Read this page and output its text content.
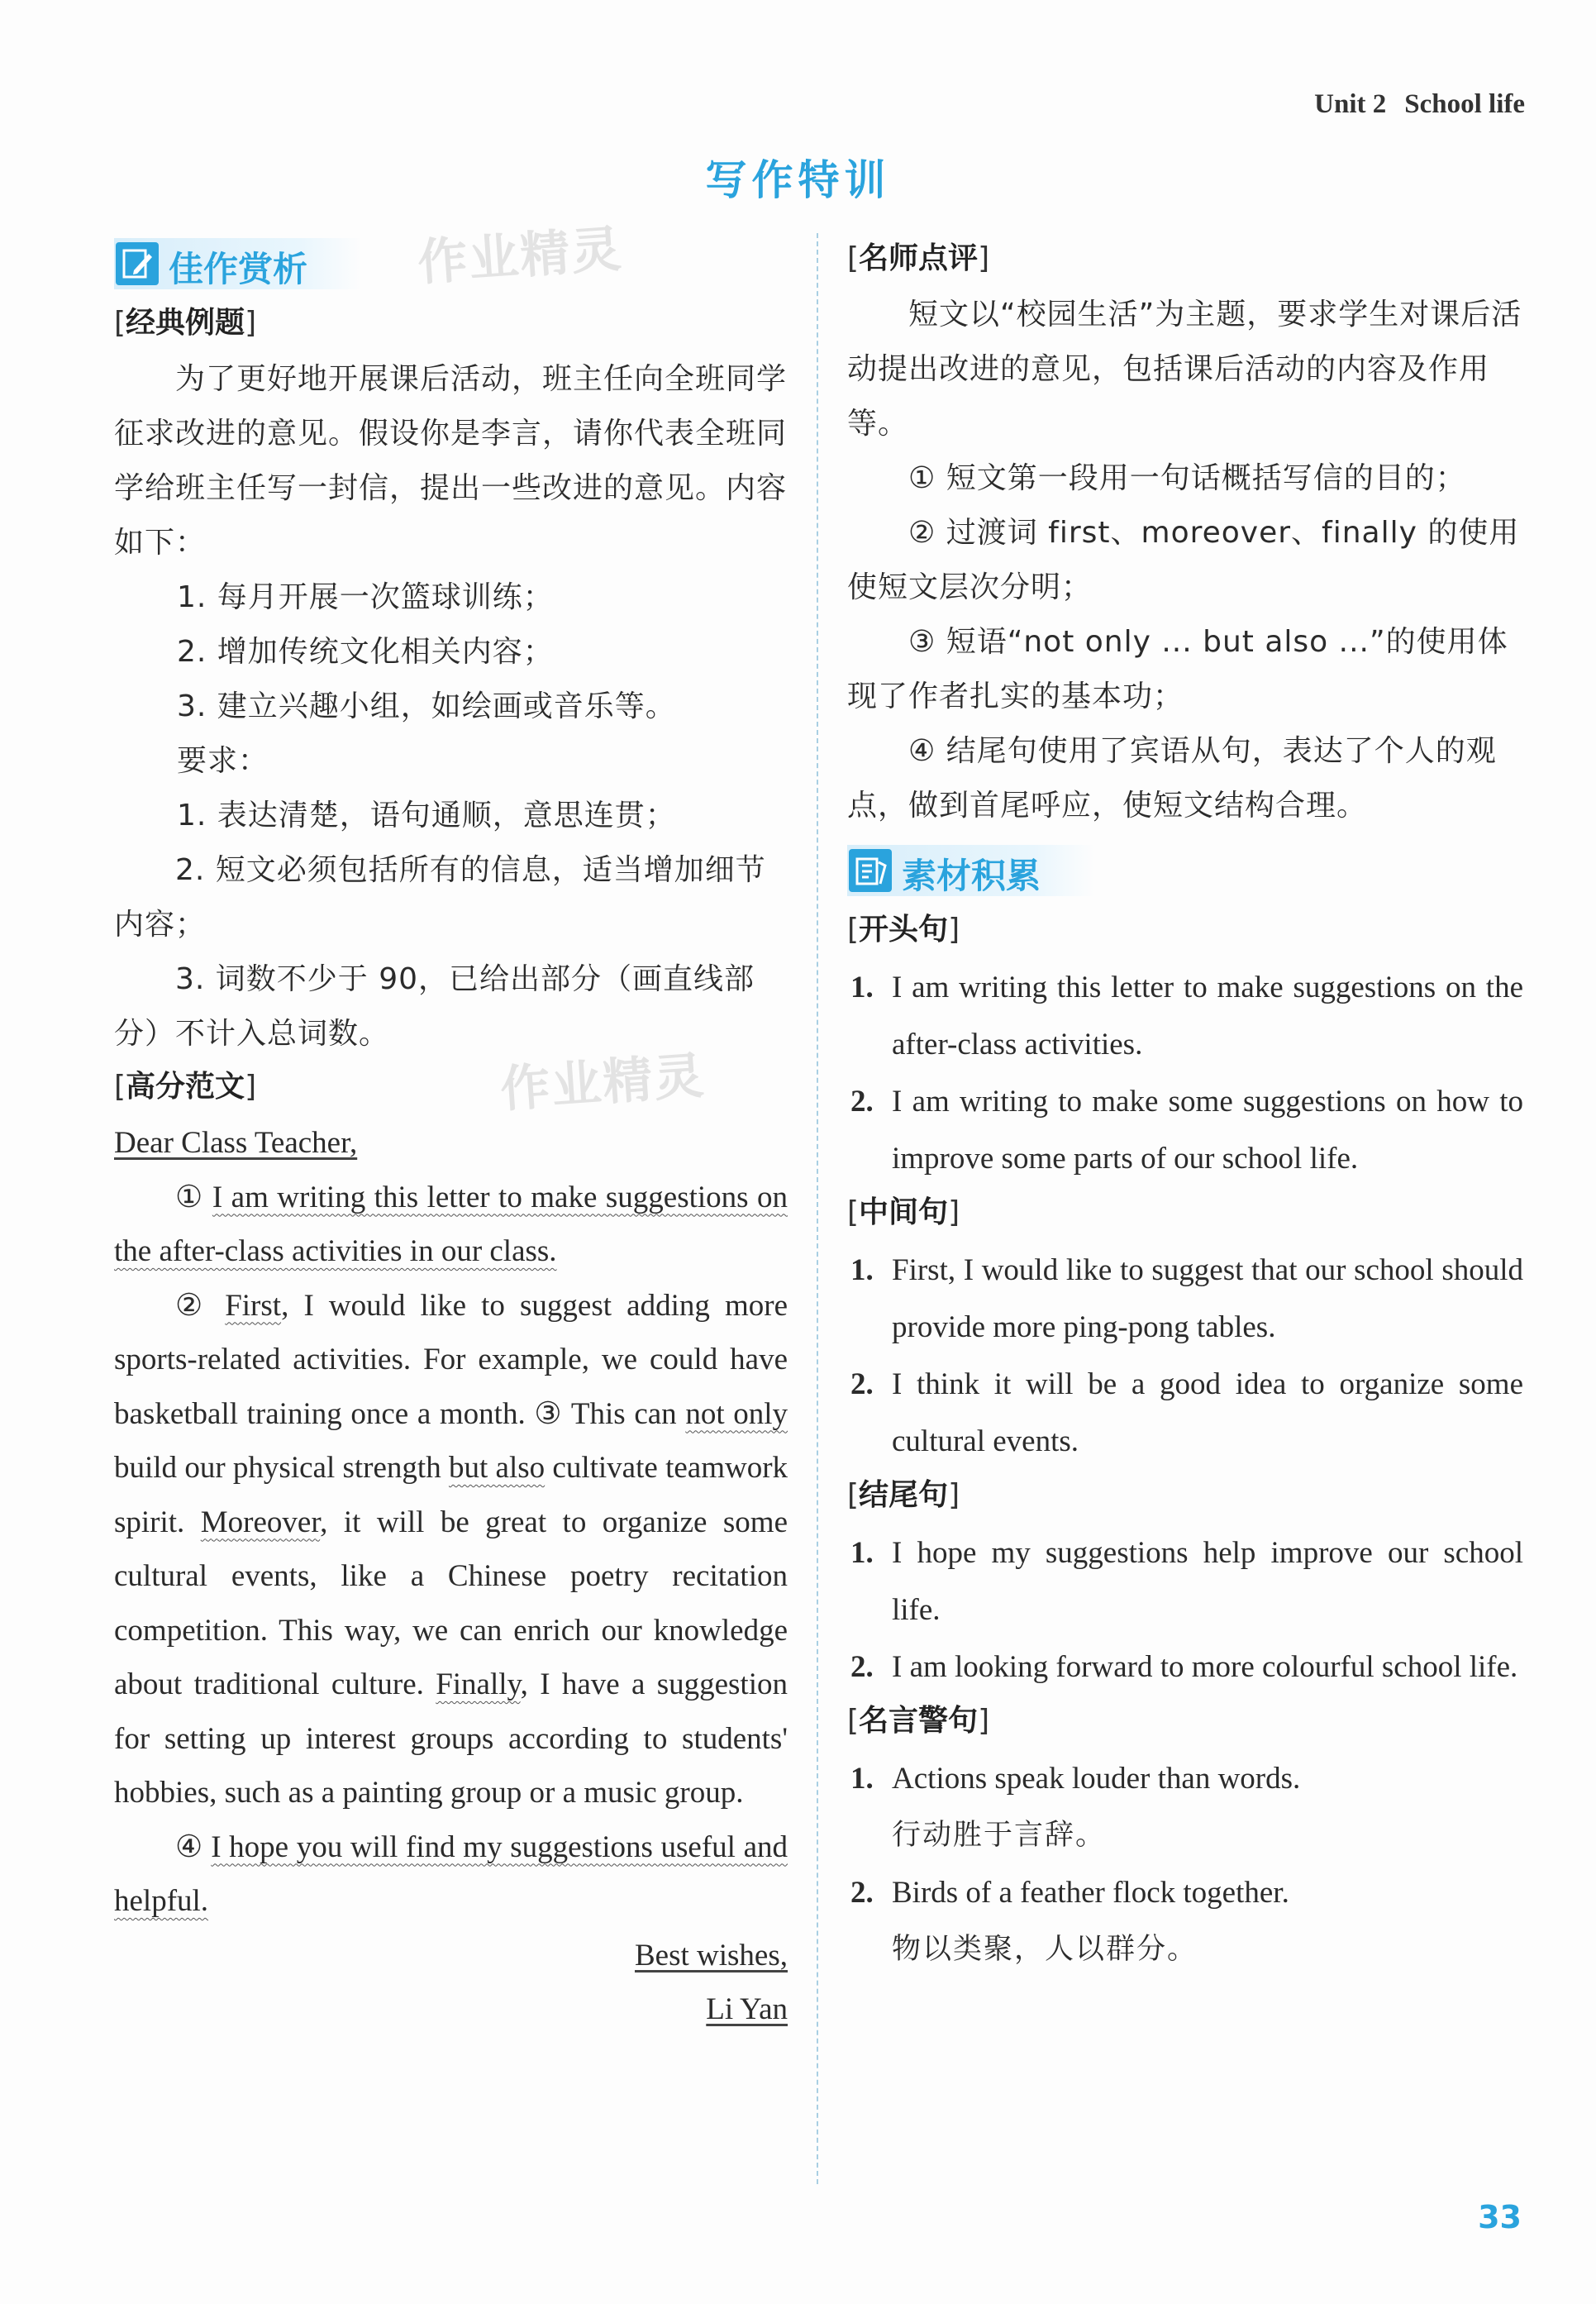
Unit 2 School life
写作特训
作业精灵
作业精灵
佳作赏析
[经典例题]

为了更好地开展课后活动，班主任向全班同学征求改进的意见。假设你是李言，请你代表全班同学给班主任写一封信，提出一些改进的意见。内容如下：

1. 每月开展一次篮球训练；

2. 增加传统文化相关内容；

3. 建立兴趣小组，如绘画或音乐等。

要求：

1. 表达清楚，语句通顺，意思连贯；

2. 短文必须包括所有的信息，适当增加细节内容；

3. 词数不少于 90，已给出部分（画直线部分）不计入总词数。

[高分范文]

Dear Class Teacher,

① I am writing this letter to make suggestions on the after-class activities in our class.

② First, I would like to suggest adding more sports-related activities. For example, we could have basketball training once a month. ③ This can not only build our physical strength but also cultivate teamwork spirit. Moreover, it will be great to organize some cultural events, like a Chinese poetry recitation competition. This way, we can enrich our knowledge about traditional culture. Finally, I have a suggestion for setting up interest groups according to students' hobbies, such as a painting group or a music group.

④ I hope you will find my suggestions useful and helpful.

Best wishes,

Li Yan

[名师点评]

短文以“校园生活”为主题，要求学生对课后活动提出改进的意见，包括课后活动的内容及作用等。

① 短文第一段用一句话概括写信的目的；

② 过渡词 first、moreover、finally 的使用使短文层次分明；

③ 短语“not only ... but also ...”的使用体现了作者扎实的基本功；

④ 结尾句使用了宾语从句，表达了个人的观点，做到首尾呼应，使短文结构合理。

素材积累
[开头句]
1. I am writing this letter to make suggestions on the after-class activities.
2. I am writing to make some suggestions on how to improve some parts of our school life.
[中间句]
1. First, I would like to suggest that our school should provide more ping-pong tables.
2. I think it will be a good idea to organize some cultural events.
[结尾句]
1. I hope my suggestions help improve our school life.
2. I am looking forward to more colourful school life.
[名言警句]
1. Actions speak louder than words.
行动胜于言辞。
2. Birds of a feather flock together.
物以类聚，人以群分。
33
